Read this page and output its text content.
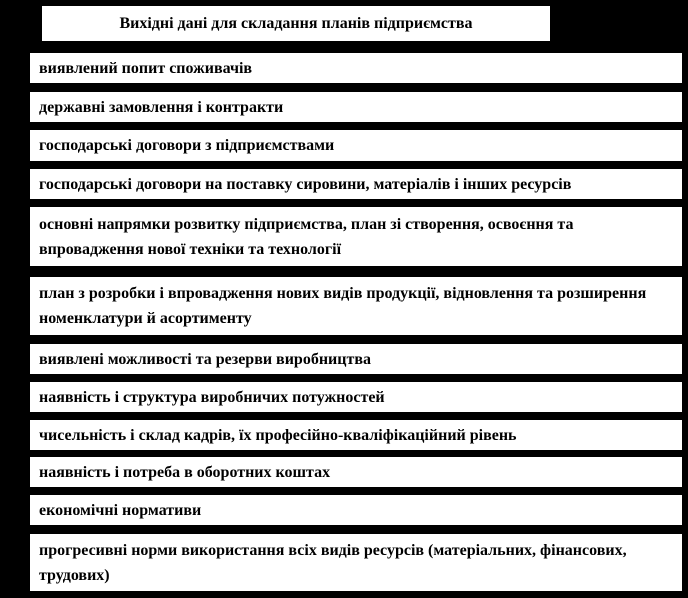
Вихідні дані для складання планів підприємства
виявлений попит споживачів
державні замовлення і контракти
господарські договори з підприємствами
господарські договори на поставку сировини, матеріалів і інших ресурсів
основні напрямки розвитку підприємства, план зі створення, освоєння та впровадження нової техніки та технології
план з розробки і впровадження нових видів продукції, відновлення та розширення номенклатури й асортименту
виявлені можливості та резерви виробництва
наявність і структура виробничих потужностей
чисельність і склад кадрів, їх професійно-кваліфікаційний рівень
наявність і потреба в оборотних коштах
економічні нормативи
прогресивні норми використання всіх видів ресурсів (матеріальних, фінансових, трудових)
